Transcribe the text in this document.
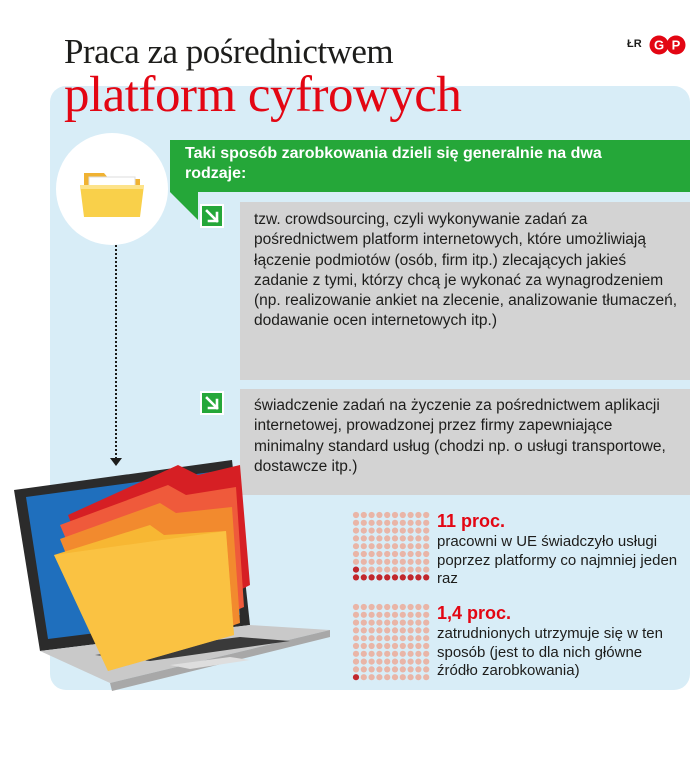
Praca za pośrednictwem
platform cyfrowych
ŁR G P
Taki sposób zarobkowania dzieli się generalnie na dwa rodzaje:
tzw. crowdsourcing, czyli wykonywanie zadań za pośrednictwem platform internetowych, które umożliwiają łączenie podmiotów (osób, firm itp.) zlecających jakieś zadanie z tymi, którzy chcą je wykonać za wynagrodzeniem (np. realizowanie ankiet na zlecenie, analizowanie tłumaczeń, dodawanie ocen internetowych itp.)
świadczenie zadań na życzenie za pośrednictwem aplikacji internetowej, prowadzonej przez firmy zapewniające minimalny standard usług (chodzi np. o usługi transportowe, dostawcze itp.)
11 proc.
pracowni w UE świadczyło usługi poprzez platformy co najmniej jeden raz
1,4 proc.
zatrudnionych utrzymuje się w ten sposób (jest to dla nich główne źródło zarobkowania)
